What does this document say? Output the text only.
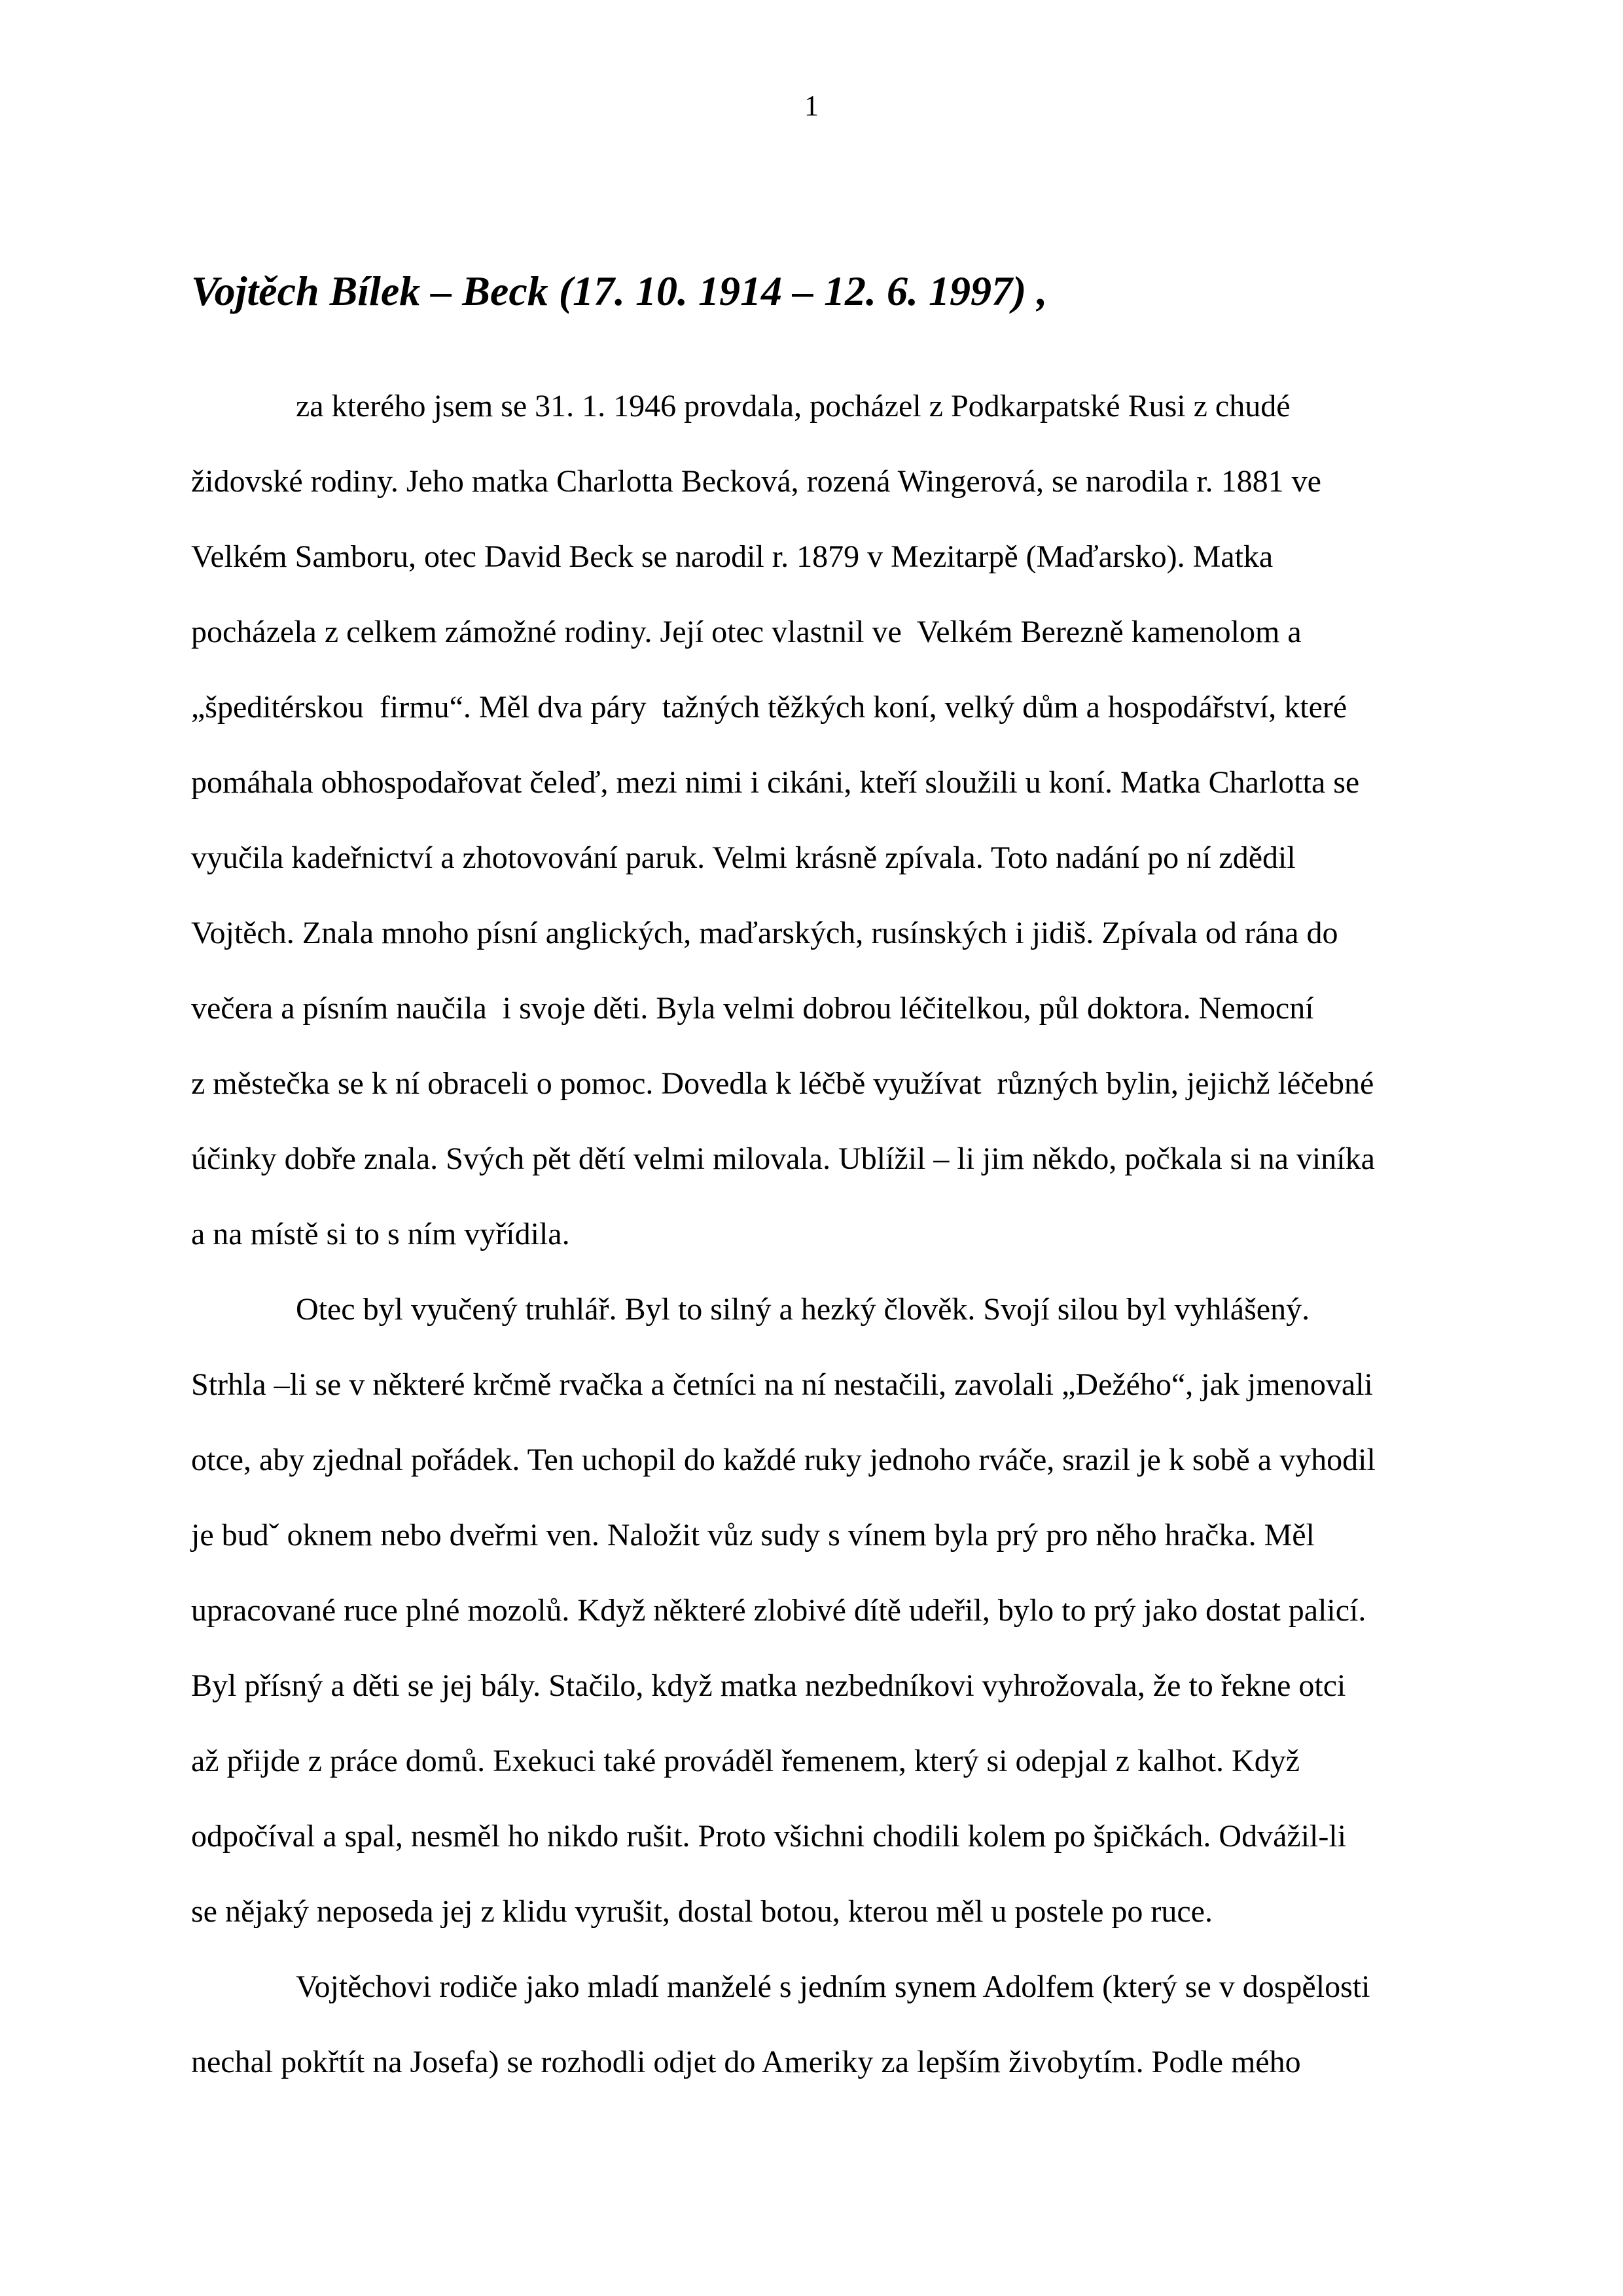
1
Vojtěch Bílek – Beck (17. 10. 1914 – 12. 6. 1997) ,
za kterého jsem se 31. 1. 1946 provdala, pocházel z Podkarpatské Rusi z chudé
židovské rodiny. Jeho matka Charlotta Becková, rozená Wingerová, se narodila r. 1881 ve
Velkém Samboru, otec David Beck se narodil r. 1879 v Mezitarpě (Maďarsko). Matka
pocházela z celkem zámožné rodiny. Její otec vlastnil ve  Velkém Berezně kamenolom a
„špeditérskou  firmu“. Měl dva páry  tažných těžkých koní, velký dům a hospodářství, které
pomáhala obhospodařovat čeleď, mezi nimi i cikáni, kteří sloužili u koní. Matka Charlotta se
vyučila kadeřnictví a zhotovování paruk. Velmi krásně zpívala. Toto nadání po ní zdědil
Vojtěch. Znala mnoho písní anglických, maďarských, rusínských i jidiš. Zpívala od rána do
večera a písním naučila  i svoje děti. Byla velmi dobrou léčitelkou, půl doktora. Nemocní
z městečka se k ní obraceli o pomoc. Dovedla k léčbě využívat  různých bylin, jejichž léčebné
účinky dobře znala. Svých pět dětí velmi milovala. Ublížil – li jim někdo, počkala si na viníka
a na místě si to s ním vyřídila.
Otec byl vyučený truhlář. Byl to silný a hezký člověk. Svojí silou byl vyhlášený.
Strhla –li se v některé krčmě rvačka a četníci na ní nestačili, zavolali „Dežého“, jak jmenovali
otce, aby zjednal pořádek. Ten uchopil do každé ruky jednoho rváče, srazil je k sobě a vyhodil
je budˇ oknem nebo dveřmi ven. Naložit vůz sudy s vínem byla prý pro něho hračka. Měl
upracované ruce plné mozolů. Když některé zlobivé dítě udeřil, bylo to prý jako dostat palicí.
Byl přísný a děti se jej bály. Stačilo, když matka nezbedníkovi vyhrožovala, že to řekne otci
až přijde z práce domů. Exekuci také prováděl řemenem, který si odepjal z kalhot. Když
odpočíval a spal, nesměl ho nikdo rušit. Proto všichni chodili kolem po špičkách. Odvážil-li
se nějaký neposeda jej z klidu vyrušit, dostal botou, kterou měl u postele po ruce.
Vojtěchovi rodiče jako mladí manželé s jedním synem Adolfem (který se v dospělosti
nechal pokřtít na Josefa) se rozhodli odjet do Ameriky za lepším živobytím. Podle mého
